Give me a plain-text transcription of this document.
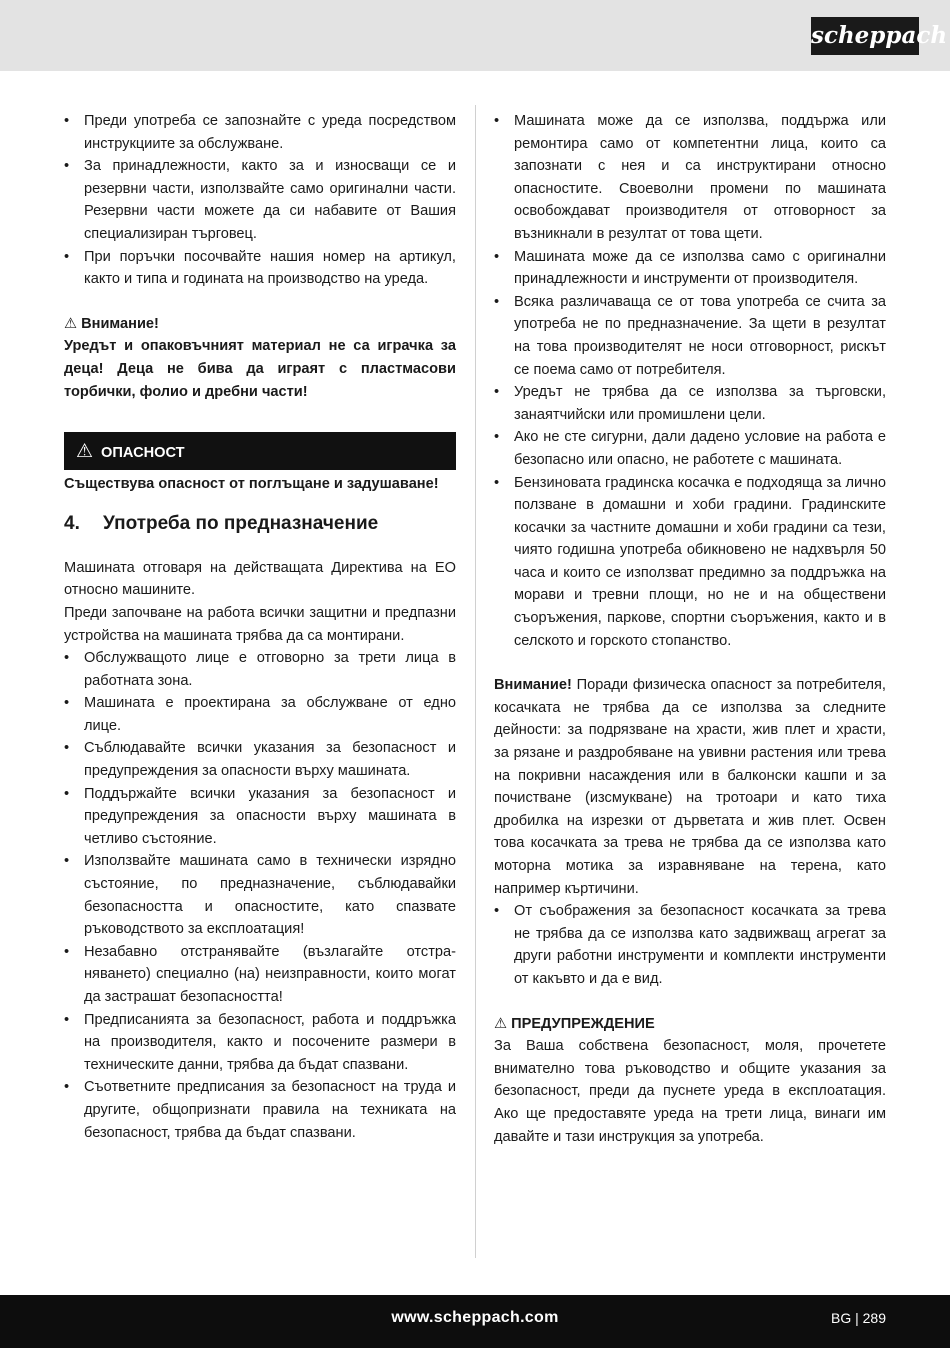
scheppach
• Преди употреба се запознайте с уреда посредством инструкциите за обслужване.
• За принадлежности, както за и износващи се и резервни части, използвайте само оригинални части. Резервни части можете да си набавите от Вашия специализиран търговец.
• При поръчки посочвайте нашия номер на артикул, както и типа и годината на производство на уреда.
⚠ Внимание!

Уредът и опаковъчният материал не са играчка за деца! Деца не бива да играят с пластмасови торбички, фолио и дребни части!

⚠ ОПАСНОСТ

Съществува опасност от поглъщане и задушаване!

4. Употреба по предназначение

Машината отговаря на действащата Директива на ЕО относно машините.

Преди започване на работа всички защитни и предпазни устройства на машината трябва да са монтирани.

• Обслужващото лице е отговорно за трети лица в работната зона.
• Машината е проектирана за обслужване от едно лице.
• Съблюдавайте всички указания за безопасност и предупреждения за опасности върху машината.
• Поддържайте всички указания за безопасност и предупреждения за опасности върху машината в четливо състояние.
• Използвайте машината само в технически изрядно състояние, по предназначение, съблюдавайки безопасността и опасностите, като спазвате ръководството за експлоатация!
• Незабавно отстранявайте (възлагайте отстраняването) специално (на) неизправности, които могат да застрашат безопасността!
• Предписанията за безопасност, работа и поддръжка на производителя, както и посочените размери в техническите данни, трябва да бъдат спазвани.
• Съответните предписания за безопасност на труда и другите, общопризнати правила на техниката на безопасност, трябва да бъдат спазвани.
• Машината може да се използва, поддържа или ремонтира само от компетентни лица, които са запознати с нея и са инструктирани относно опасностите. Своеволни промени по машината освобождават производителя от отговорност за възникнали в резултат от това щети.
• Машината може да се използва само с оригинални принадлежности и инструменти от производителя.
• Всяка различаваща се от това употреба се счита за употреба не по предназначение. За щети в резултат на това производителят не носи отговорност, рискът се поема само от потребителя.
• Уредът не трябва да се използва за търговски, занаятчийски или промишлени цели.
• Ако не сте сигурни, дали дадено условие на работа е безопасно или опасно, не работете с машината.
• Бензиновата градинска косачка е подходяща за лично ползване в домашни и хоби градини. Градинските косачки за частните домашни и хоби градини са тези, чиято годишна употреба обикновено не надхвърля 50 часа и които се използват предимно за поддръжка на морави и тревни площи, но не и на обществени съоръжения, паркове, спортни съоръжения, както и в селското и горското стопанство.

Внимание! Поради физическа опасност за потребителя, косачката не трябва да се използва за следните дейности: за подрязване на храсти, жив плет и храсти, за рязане и раздробяване на увивни растения или трева на покривни насаждения или в балконски кашпи и за почистване (изсмукване) на тротоари и като тиха дробилка на изрезки от дърветата и жив плет. Освен това косачката за трева не трябва да се използва като моторна мотика за изравняване на терена, като например къртичини.

• От съображения за безопасност косачката за трева не трябва да се използва като задвижващ агрегат за други работни инструменти и комплекти инструменти от какъвто и да е вид.
⚠ ПРЕДУПРЕЖДЕНИЕ

За Ваша собствена безопасност, моля, прочетете внимателно това ръководство и общите указания за безопасност, преди да пуснете уреда в експлоатация. Ако ще предоставяте уреда на трети лица, винаги им давайте и тази инструкция за употреба.

www.scheppach.com	BG | 289
